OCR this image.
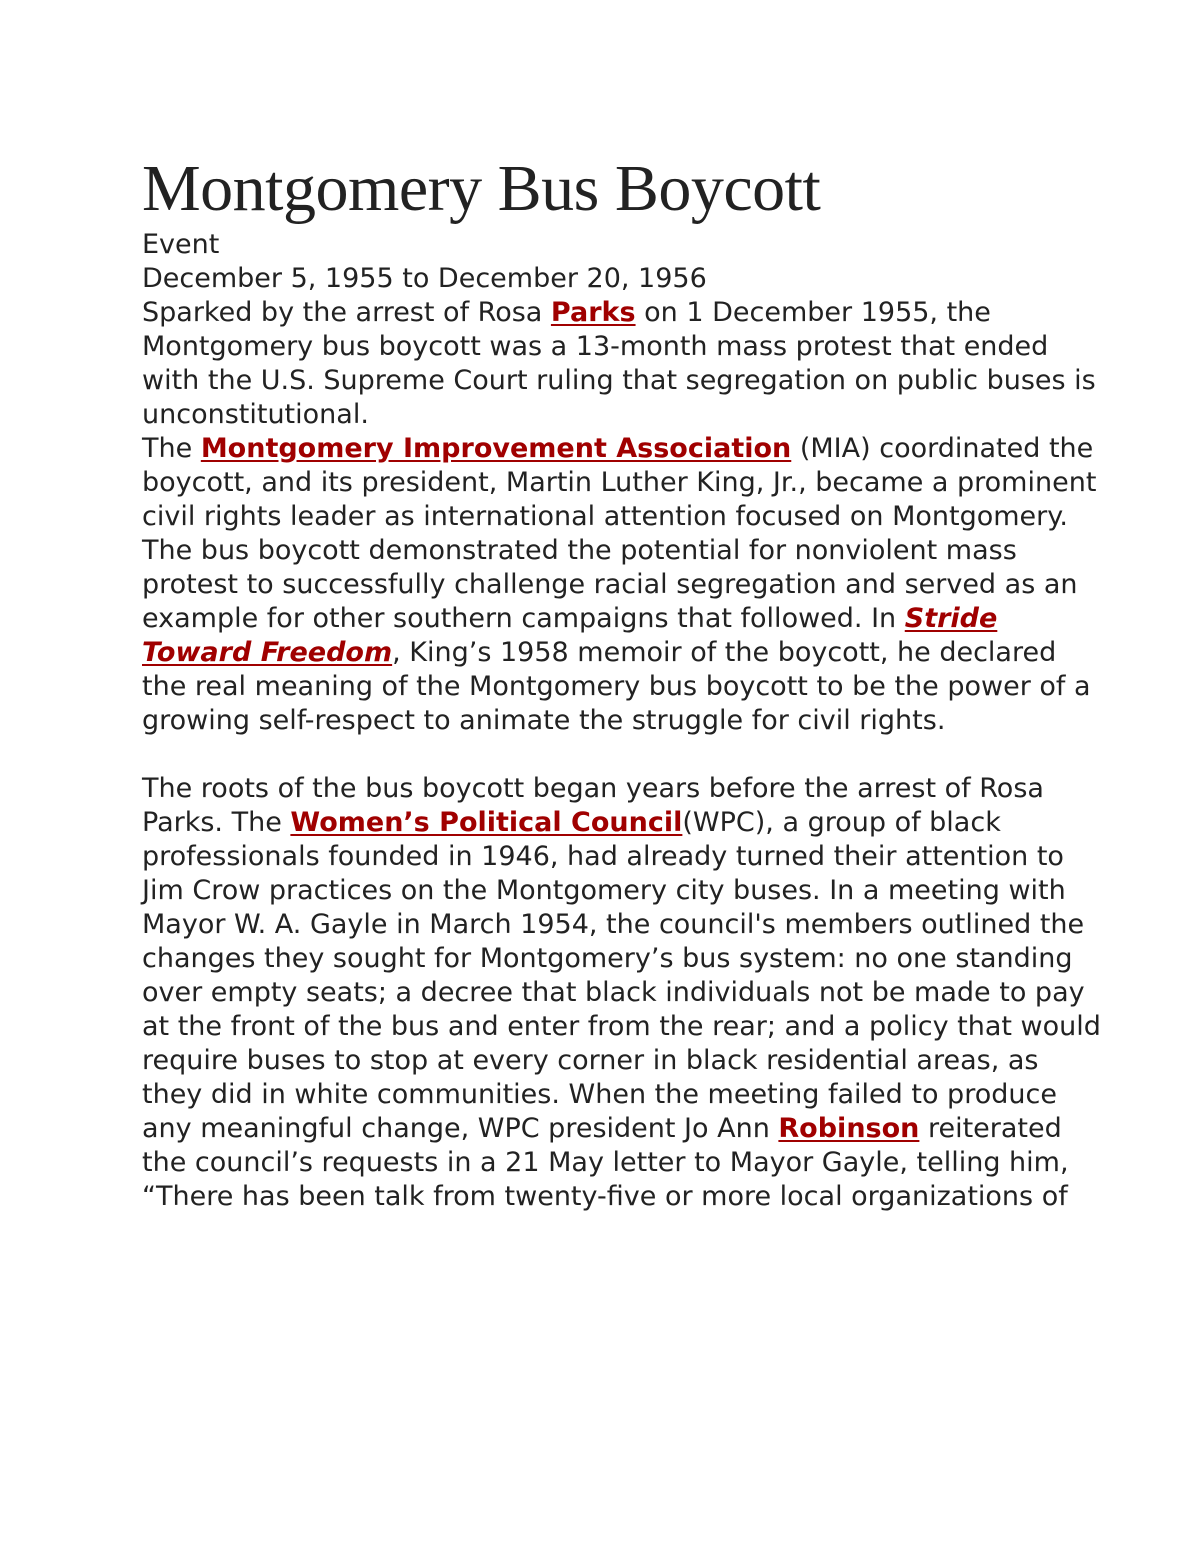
Montgomery Bus Boycott

Event

December 5, 1955 to December 20, 1956

Sparked by the arrest of Rosa Parks on 1 December 1955, the Montgomery bus boycott was a 13-month mass protest that ended with the U.S. Supreme Court ruling that segregation on public buses is unconstitutional.

The Montgomery Improvement Association (MIA) coordinated the boycott, and its president, Martin Luther King, Jr., became a prominent civil rights leader as international attention focused on Montgomery. The bus boycott demonstrated the potential for nonviolent mass protest to successfully challenge racial segregation and served as an example for other southern campaigns that followed. In Stride Toward Freedom, King’s 1958 memoir of the boycott, he declared the real meaning of the Montgomery bus boycott to be the power of a growing self-respect to animate the struggle for civil rights.

The roots of the bus boycott began years before the arrest of Rosa Parks. The Women’s Political Council(WPC), a group of black professionals founded in 1946, had already turned their attention to Jim Crow practices on the Montgomery city buses. In a meeting with Mayor W. A. Gayle in March 1954, the council's members outlined the changes they sought for Montgomery’s bus system: no one standing over empty seats; a decree that black individuals not be made to pay at the front of the bus and enter from the rear; and a policy that would require buses to stop at every corner in black residential areas, as they did in white communities. When the meeting failed to produce any meaningful change, WPC president Jo Ann Robinson reiterated the council’s requests in a 21 May letter to Mayor Gayle, telling him, “There has been talk from twenty-five or more local organizations of
